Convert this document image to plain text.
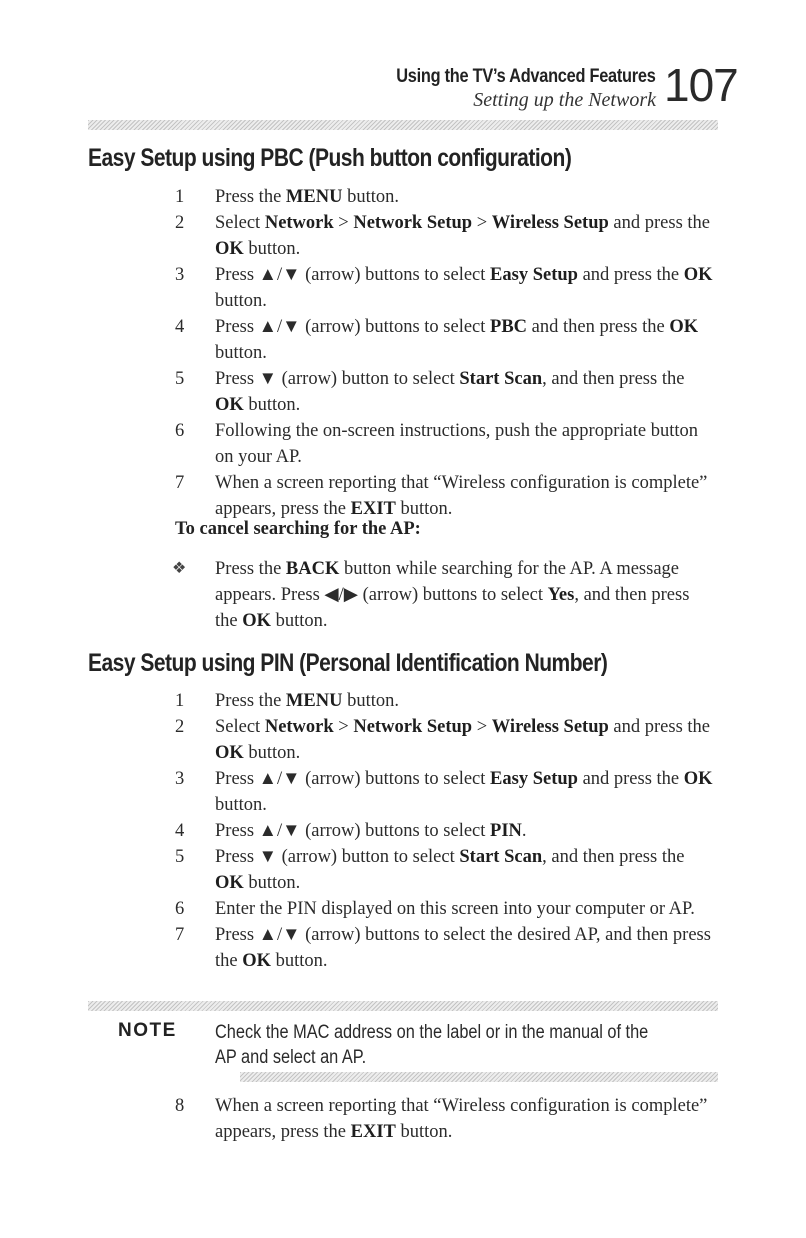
Using the TV’s Advanced Features
Setting up the Network 107
Easy Setup using PBC (Push button configuration)
1 Press the MENU button.
2 Select Network > Network Setup > Wireless Setup and press the OK button.
3 Press ▲/▼ (arrow) buttons to select Easy Setup and press the OK button.
4 Press ▲/▼ (arrow) buttons to select PBC and then press the OK button.
5 Press ▼ (arrow) button to select Start Scan, and then press the OK button.
6 Following the on-screen instructions, push the appropriate button on your AP.
7 When a screen reporting that “Wireless configuration is complete” appears, press the EXIT button.
To cancel searching for the AP:
❖ Press the BACK button while searching for the AP. A message appears. Press ◀/▶ (arrow) buttons to select Yes, and then press the OK button.
Easy Setup using PIN (Personal Identification Number)
1 Press the MENU button.
2 Select Network > Network Setup > Wireless Setup and press the OK button.
3 Press ▲/▼ (arrow) buttons to select Easy Setup and press the OK button.
4 Press ▲/▼ (arrow) buttons to select PIN.
5 Press ▼ (arrow) button to select Start Scan, and then press the OK button.
6 Enter the PIN displayed on this screen into your computer or AP.
7 Press ▲/▼ (arrow) buttons to select the desired AP, and then press the OK button.
NOTE Check the MAC address on the label or in the manual of the AP and select an AP.
8 When a screen reporting that “Wireless configuration is complete” appears, press the EXIT button.
